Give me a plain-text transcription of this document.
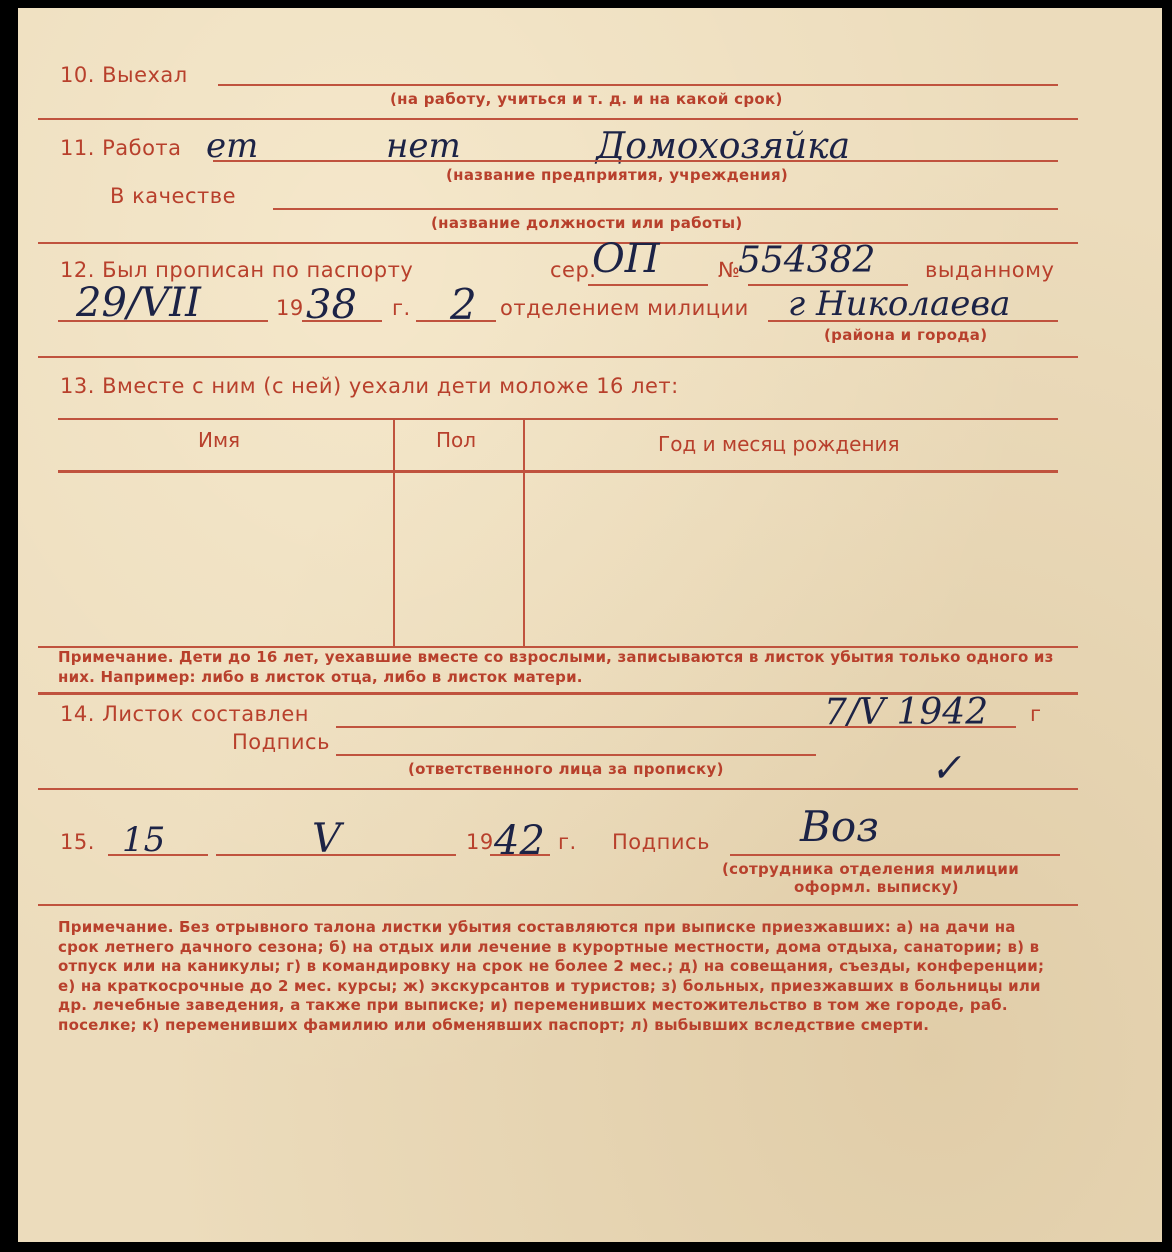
10. Выехал
(на работу, учиться и т. д. и на какой срок)
11. Работа ет	нет	Домохозяйка
(название предприятия, учреждения)
В качестве
(название должности или работы)
12. Был прописан по паспорту	сер.
ОП	№
554382 выданному
29/VII	19 38 г. 2 отделением милиции г Николаева
(района и города)
13. Вместе с ним (с ней) уехали дети моложе 16 лет:
Имя	Пол	Год и месяц рождения
Примечание. Дети до 16 лет, уехавшие вместе со взрослыми, записываются в листок убытия только одного из них. Например: либо в листок отца, либо в листок матери.
14. Листок составлен	7/V 1942 г
Подпись
✓
(ответственного лица за прописку)
15. 15	V	19 42 г. Подпись Воз
(сотрудника отделения милиции
оформл. выписку)
Примечание. Без отрывного талона листки убытия составляются при выписке приезжавших: а) на дачи на срок летнего дачного сезона; б) на отдых или лечение в курортные местности, дома отдыха, санатории; в) в отпуск или на каникулы; г) в командировку на срок не более 2 мес.; д) на совещания, съезды, конференции; е) на краткосрочные до 2 мес. курсы; ж) экскурсантов и туристов; з) больных, приезжавших в больницы или др. лечебные заведения, а также при выписке; и) переменивших местожительство в том же городе, раб. поселке; к) переменивших фамилию или обменявших паспорт; л) выбывших вследствие смерти.
